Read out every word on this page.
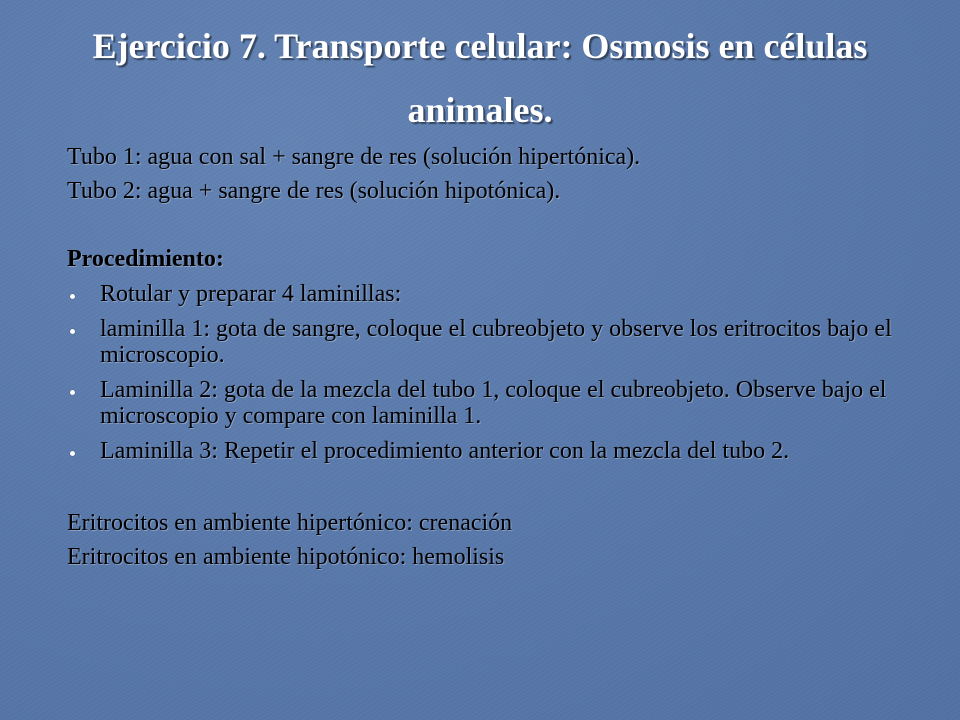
Ejercicio 7. Transporte celular: Osmosis en células animales.

Tubo 1: agua con sal + sangre de res (solución hipertónica).

Tubo 2: agua + sangre de res (solución hipotónica).

Procedimiento:

Rotular y preparar 4 laminillas:
laminilla 1: gota de sangre, coloque el cubreobjeto y observe los eritrocitos bajo el microscopio.
Laminilla 2: gota de la mezcla del tubo 1, coloque el cubreobjeto. Observe bajo el microscopio y compare con laminilla 1.
Laminilla 3: Repetir el procedimiento anterior con la mezcla del tubo 2.

Eritrocitos en ambiente hipertónico: crenación

Eritrocitos en ambiente hipotónico: hemolisis
